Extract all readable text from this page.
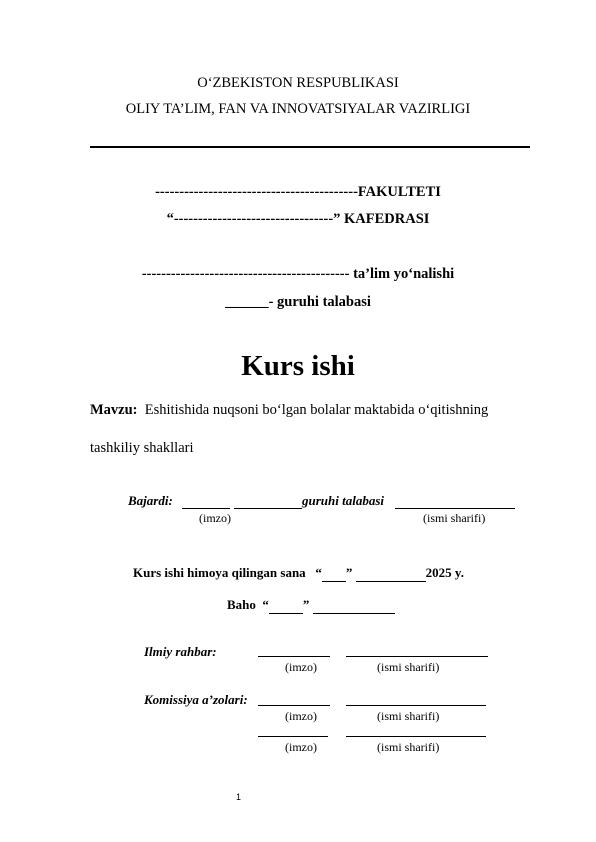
O‘ZBEKISTON RESPUBLIKASI
OLIY TA’LIM, FAN VA INNOVATSIYALAR VAZIRLIGI
------------------------------------------FAKULTETI
“---------------------------------” KAFEDRASI
------------------------------------------- ta’lim yo‘nalishi
______- guruhi talabasi
Kurs ishi
Mavzu: Eshitishida nuqsoni bo‘lgan bolalar maktabida o‘qitishning
tashkiliy shakllari
Bajardi:	guruhi talabasi
(imzo)	(ismi sharifi)
Kurs ishi himoya qilingan sana “ ”	2025 y.
Baho “	”
Ilmiy rahbar:
(imzo)	(ismi sharifi)
Komissiya a’zolari:
(imzo)	(ismi sharifi)
(imzo)	(ismi sharifi)
1
